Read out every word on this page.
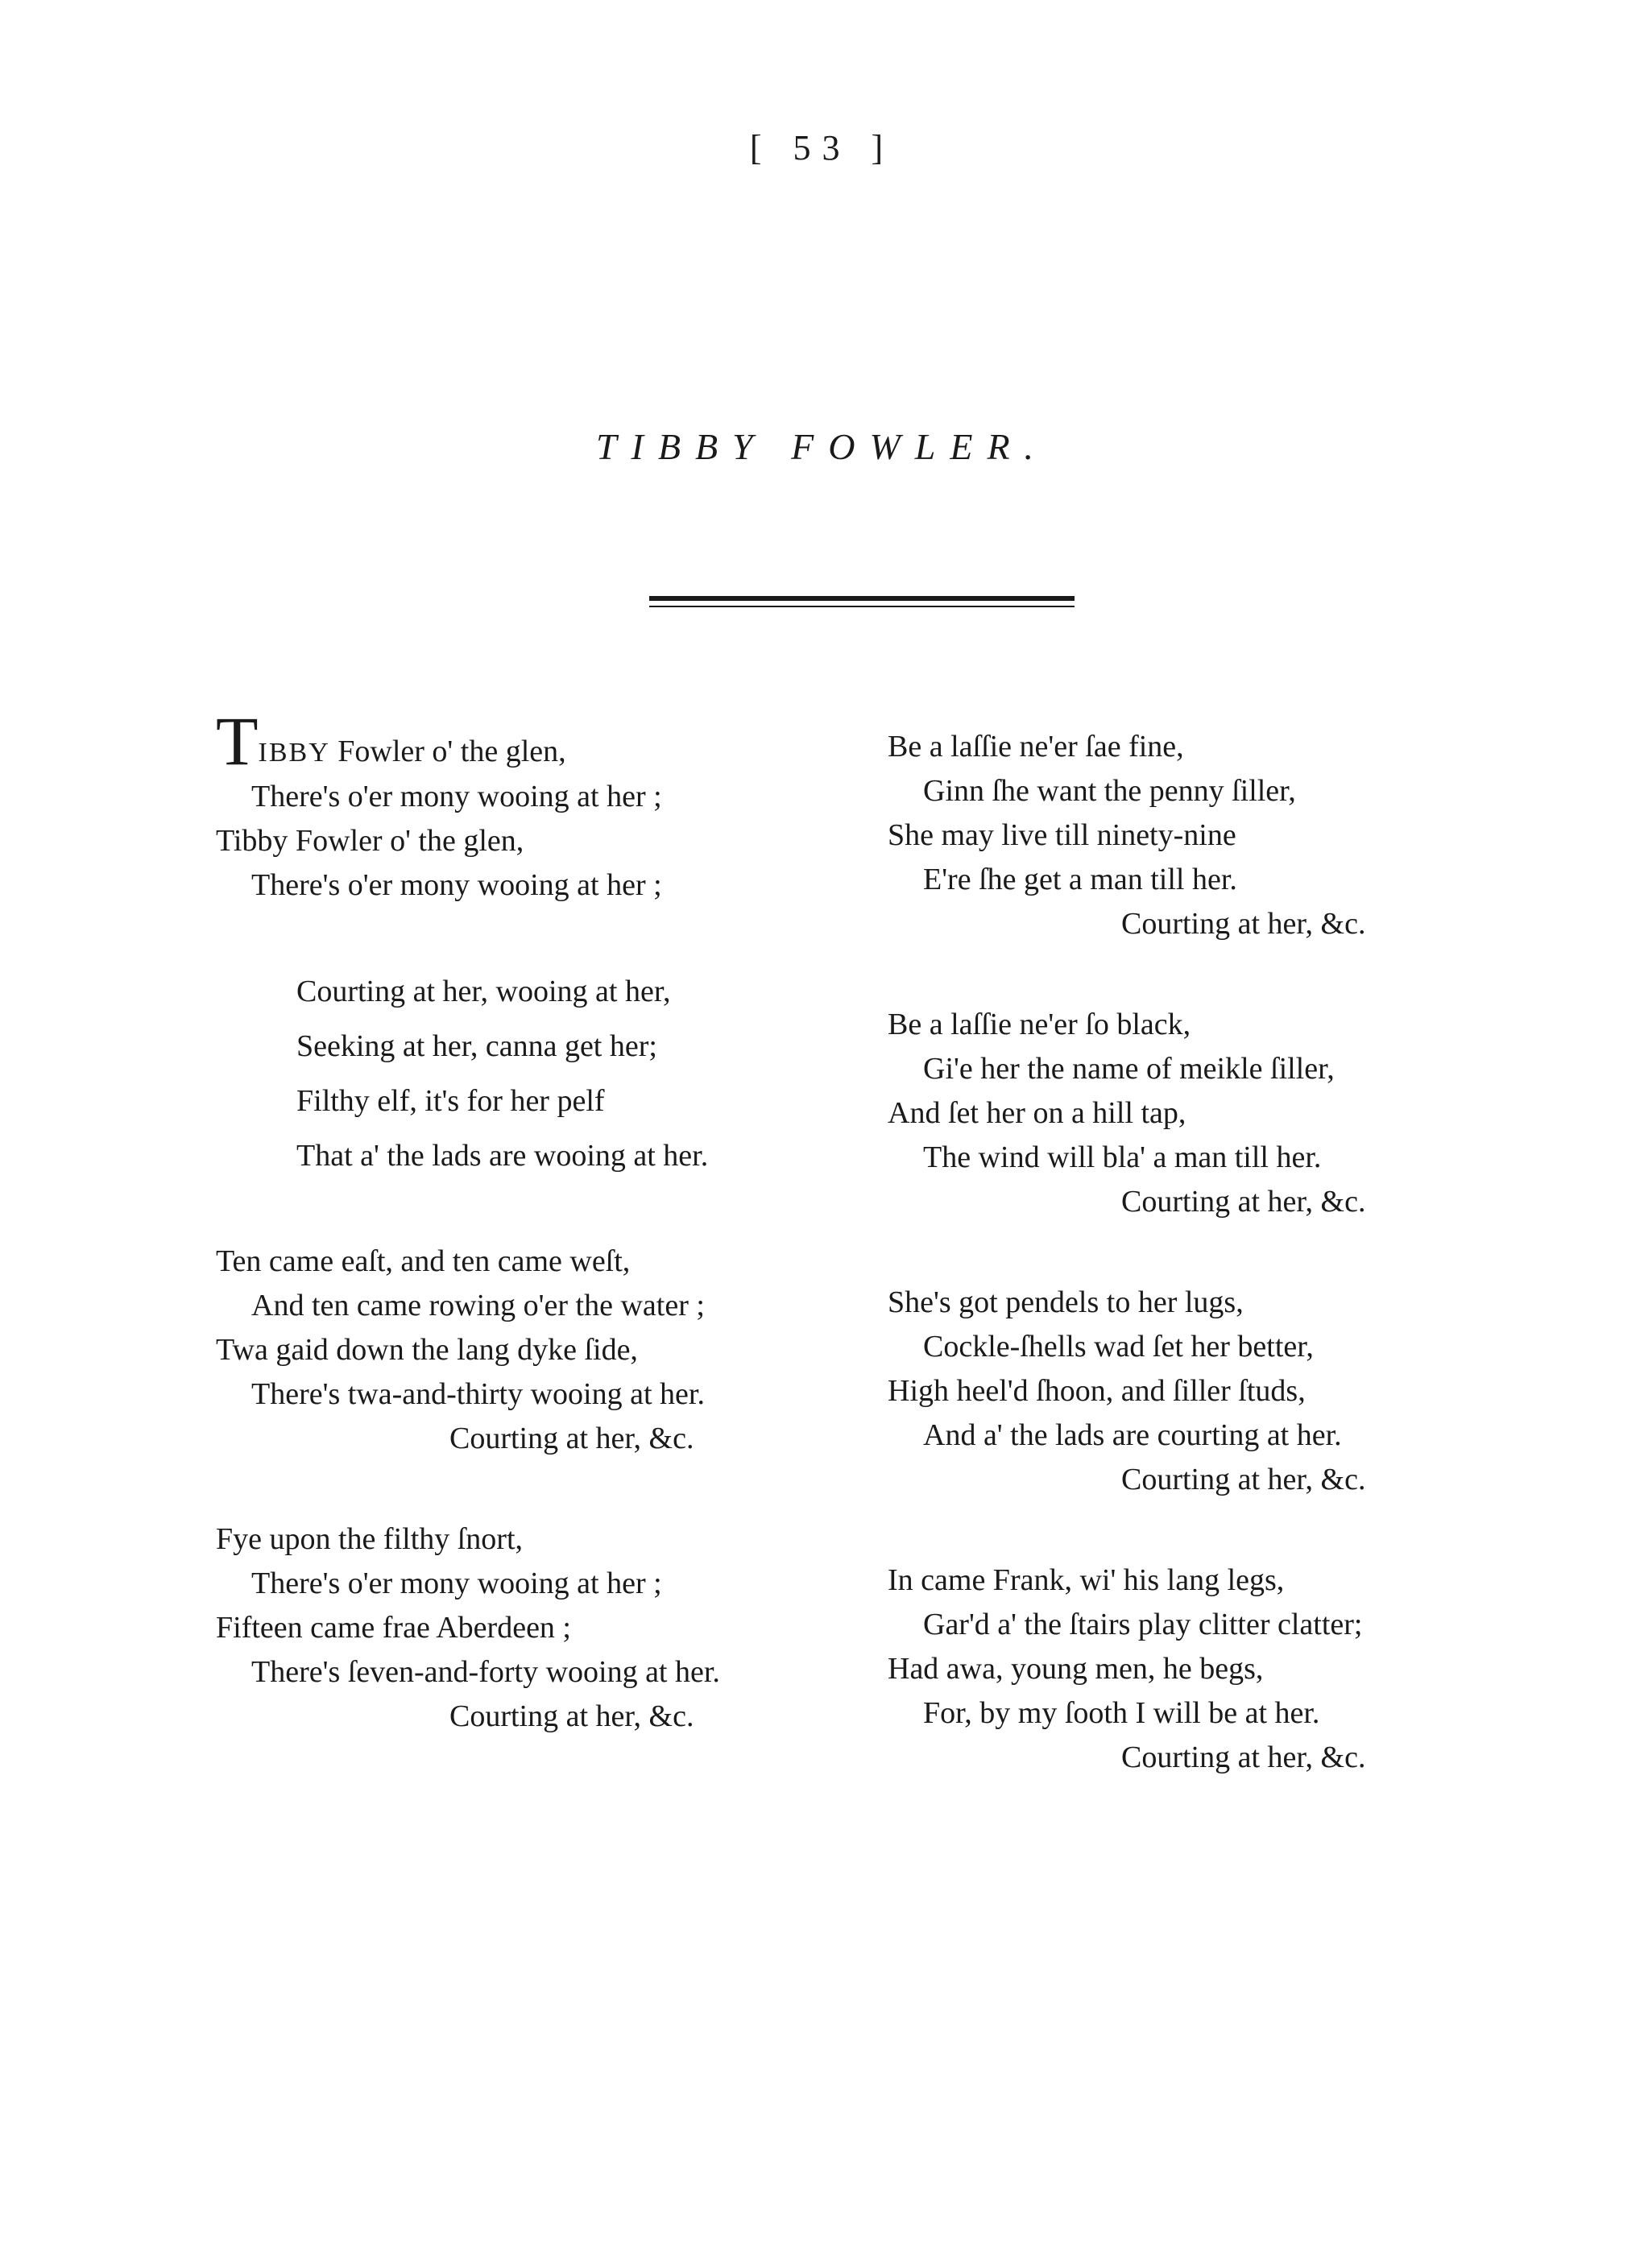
[ 53 ]
TIBBY FOWLER.
TIBBY Fowler o' the glen,
There's o'er mony wooing at her ;
Tibby Fowler o' the glen,
There's o'er mony wooing at her ;
Courting at her, wooing at her,
Seeking at her, canna get her;
Filthy elf, it's for her pelf
That a' the lads are wooing at her.
Ten came eaſt, and ten came weſt,
And ten came rowing o'er the water ;
Twa gaid down the lang dyke ſide,
There's twa-and-thirty wooing at her.
Courting at her, &c.
Fye upon the filthy ſnort,
There's o'er mony wooing at her ;
Fifteen came frae Aberdeen ;
There's ſeven-and-forty wooing at her.
Courting at her, &c.
Be a laſſie ne'er ſae fine,
Ginn ſhe want the penny ſiller,
She may live till ninety-nine
E're ſhe get a man till her.
Courting at her, &c.
Be a laſſie ne'er ſo black,
Gi'e her the name of meikle ſiller,
And ſet her on a hill tap,
The wind will bla' a man till her.
Courting at her, &c.
She's got pendels to her lugs,
Cockle-ſhells wad ſet her better,
High heel'd ſhoon, and ſiller ſtuds,
And a' the lads are courting at her.
Courting at her, &c.
In came Frank, wi' his lang legs,
Gar'd a' the ſtairs play clitter clatter;
Had awa, young men, he begs,
For, by my ſooth I will be at her.
Courting at her, &c.
